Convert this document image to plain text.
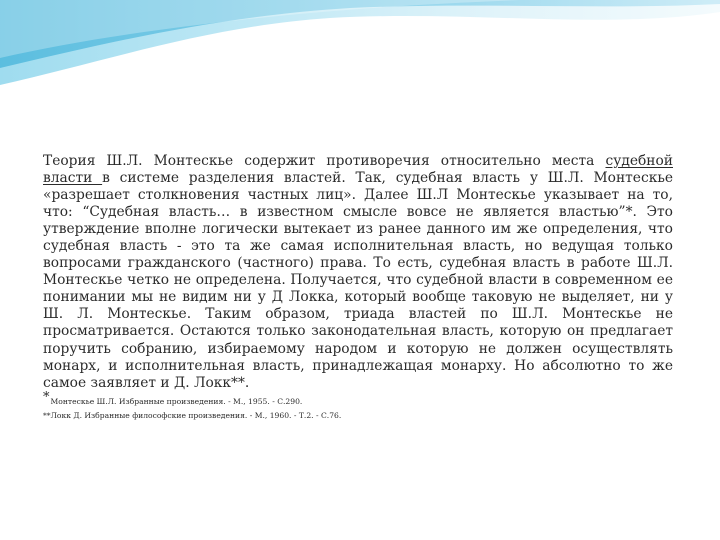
Теория Ш.Л. Монтескье содержит противоречия относительно места судебной власти в системе разделения властей. Так, судебная власть у Ш.Л. Монтескье «разрешает столкновения частных лиц». Далее Ш.Л Монтескье указывает на то, что: “Судебная власть… в известном смысле вовсе не является властью”*. Это утверждение вполне логически вытекает из ранее данного им же определения, что судебная власть - это та же самая исполнительная власть, но ведущая только вопросами гражданского (частного) права. То есть, судебная власть в работе Ш.Л. Монтескье четко не определена. Получается, что судебной власти в современном ее понимании мы не видим ни у Д Локка, который вообще таковую не выделяет, ни у Ш. Л. Монтескье. Таким образом, триада властей по Ш.Л. Монтескье не просматривается. Остаются только законодательная власть, которую он предлагает поручить собранию, избираемому народом и которую не должен осуществлять монарх, и исполнительная власть, принадлежащая монарху. Но абсолютно то же самое заявляет и Д. Локк**.

*Монтескье Ш.Л. Избранные произведения. - М., 1955. - С.290.

**Локк Д. Избранные философские произведения. - М., 1960. - Т.2. - С.76.
